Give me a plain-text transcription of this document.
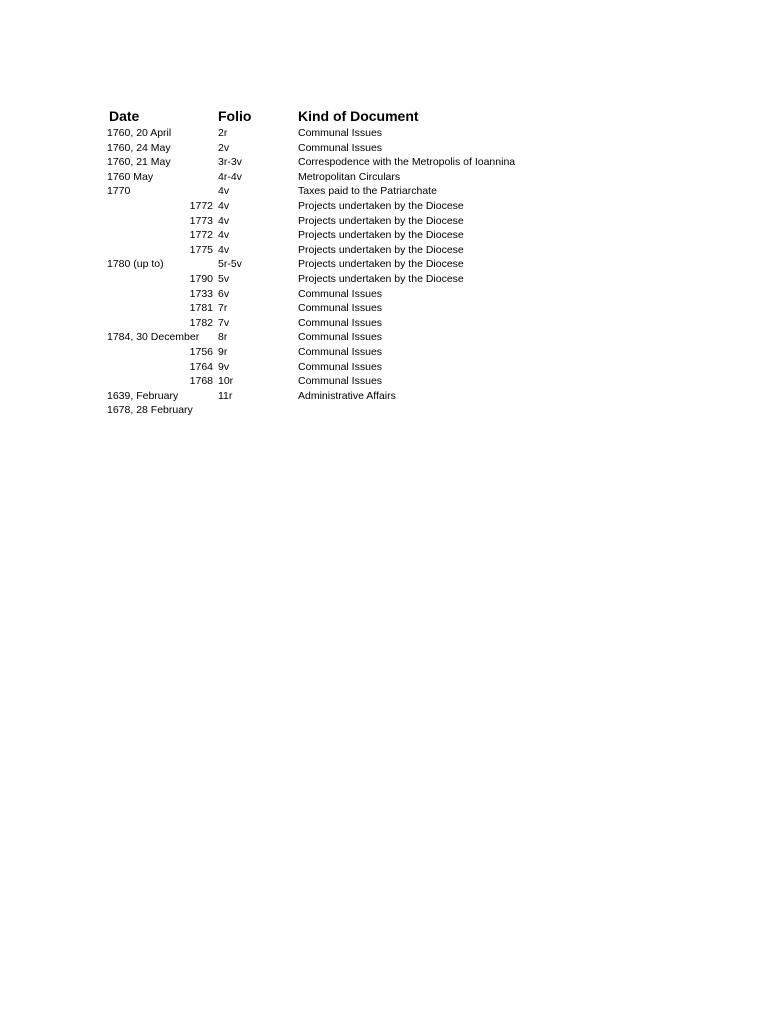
Date	Folio	Kind of Document
1760, 20 April	2r	Communal Issues
1760, 24 May	2v	Communal Issues
1760, 21 May	3r-3v	Correspodence with the Metropolis of Ioannina
1760 May	4r-4v	Metropolitan Circulars
1770	4v	Taxes paid to the Patriarchate
1772 4v	Projects undertaken by the Diocese
1773 4v	Projects undertaken by the Diocese
1772 4v	Projects undertaken by the Diocese
1775 4v	Projects undertaken by the Diocese
1780 (up to)	5r-5v	Projects undertaken by the Diocese
1790 5v	Projects undertaken by the Diocese
1733 6v	Communal Issues
1781 7r	Communal Issues
1782 7v	Communal Issues
1784, 30 December 8r	Communal Issues
1756 9r	Communal Issues
1764 9v	Communal Issues
1768 10r	Communal Issues
1639, February	11r	Administrative Affairs
1678, 28 February
